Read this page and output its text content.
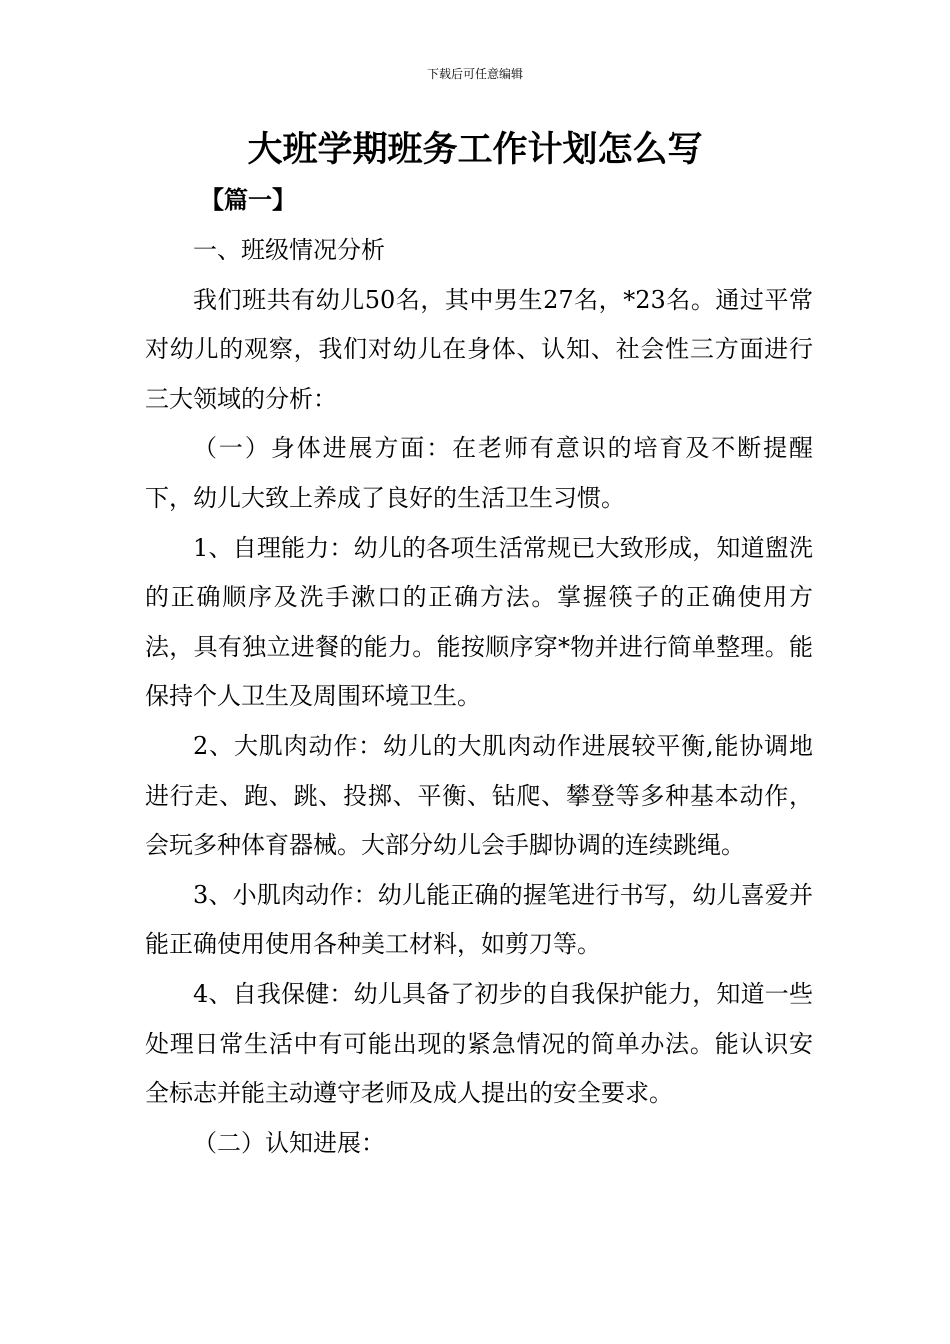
下载后可任意编辑
大班学期班务工作计划怎么写
【篇一】

一、班级情况分析

我们班共有幼儿50名，其中男生27名，*23名。通过平常对幼儿的观察，我们对幼儿在身体、认知、社会性三方面进行三大领域的分析：

（一）身体进展方面：在老师有意识的培育及不断提醒下，幼儿大致上养成了良好的生活卫生习惯。

1、自理能力：幼儿的各项生活常规已大致形成，知道盥洗的正确顺序及洗手漱口的正确方法。掌握筷子的正确使用方法，具有独立进餐的能力。能按顺序穿*物并进行简单整理。能保持个人卫生及周围环境卫生。

2、大肌肉动作：幼儿的大肌肉动作进展较平衡,能协调地进行走、跑、跳、投掷、平衡、钻爬、攀登等多种基本动作，会玩多种体育器械。大部分幼儿会手脚协调的连续跳绳。

3、小肌肉动作：幼儿能正确的握笔进行书写，幼儿喜爱并能正确使用使用各种美工材料，如剪刀等。

4、自我保健：幼儿具备了初步的自我保护能力，知道一些处理日常生活中有可能出现的紧急情况的简单办法。能认识安全标志并能主动遵守老师及成人提出的安全要求。

（二）认知进展：
